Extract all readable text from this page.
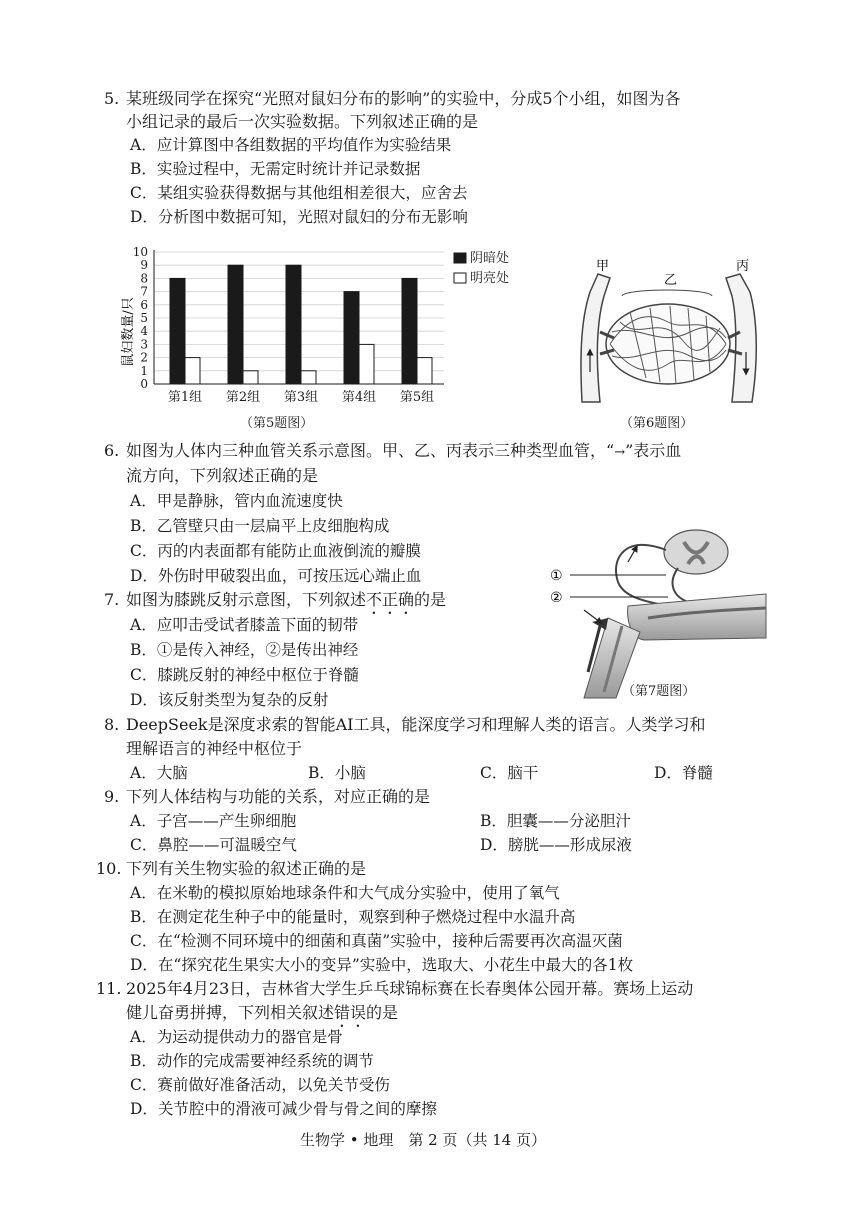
5. 某班级同学在探究“光照对鼠妇分布的影响”的实验中，分成5个小组，如图为各
小组记录的最后一次实验数据。下列叙述正确的是
A．应计算图中各组数据的平均值作为实验结果
B．实验过程中，无需定时统计并记录数据
C．某组实验获得数据与其他组相差很大，应舍去
D．分析图中数据可知，光照对鼠妇的分布无影响
鼠妇数量/只
0
1
2
3
4
5
6
7
8
9
10
第1组 第2组 第3组 第4组 第5组
阴暗处
明亮处
（第5题图）
甲
乙
丙
（第6题图）
6. 如图为人体内三种血管关系示意图。甲、乙、丙表示三种类型血管，“→”表示血
流方向，下列叙述正确的是
A．甲是静脉，管内血流速度快
B．乙管壁只由一层扁平上皮细胞构成
C．丙的内表面都有能防止血液倒流的瓣膜
D．外伤时甲破裂出血，可按压远心端止血	①
②
（第7题图）
7. 如图为膝跳反射示意图，下列叙述不正确的是
A．应叩击受试者膝盖下面的韧带
B．①是传入神经，②是传出神经
C．膝跳反射的神经中枢位于脊髓
D．该反射类型为复杂的反射
8. DeepSeek是深度求索的智能AI工具，能深度学习和理解人类的语言。人类学习和
理解语言的神经中枢位于
A．大脑	B．小脑	C．脑干	D．脊髓
9. 下列人体结构与功能的关系，对应正确的是
A．子宫——产生卵细胞	B．胆囊——分泌胆汁
C．鼻腔——可温暖空气	D．膀胱——形成尿液
10. 下列有关生物实验的叙述正确的是
A．在米勒的模拟原始地球条件和大气成分实验中，使用了氧气
B．在测定花生种子中的能量时，观察到种子燃烧过程中水温升高
C．在“检测不同环境中的细菌和真菌”实验中，接种后需要再次高温灭菌
D．在“探究花生果实大小的变异”实验中，选取大、小花生中最大的各1枚
11. 2025年4月23日，吉林省大学生乒乓球锦标赛在长春奥体公园开幕。赛场上运动
健儿奋勇拼搏，下列相关叙述错误的是
A．为运动提供动力的器官是骨
B．动作的完成需要神经系统的调节
C．赛前做好准备活动，以免关节受伤
D．关节腔中的滑液可减少骨与骨之间的摩擦
生物学 • 地理　第 2 页（共 14 页）
